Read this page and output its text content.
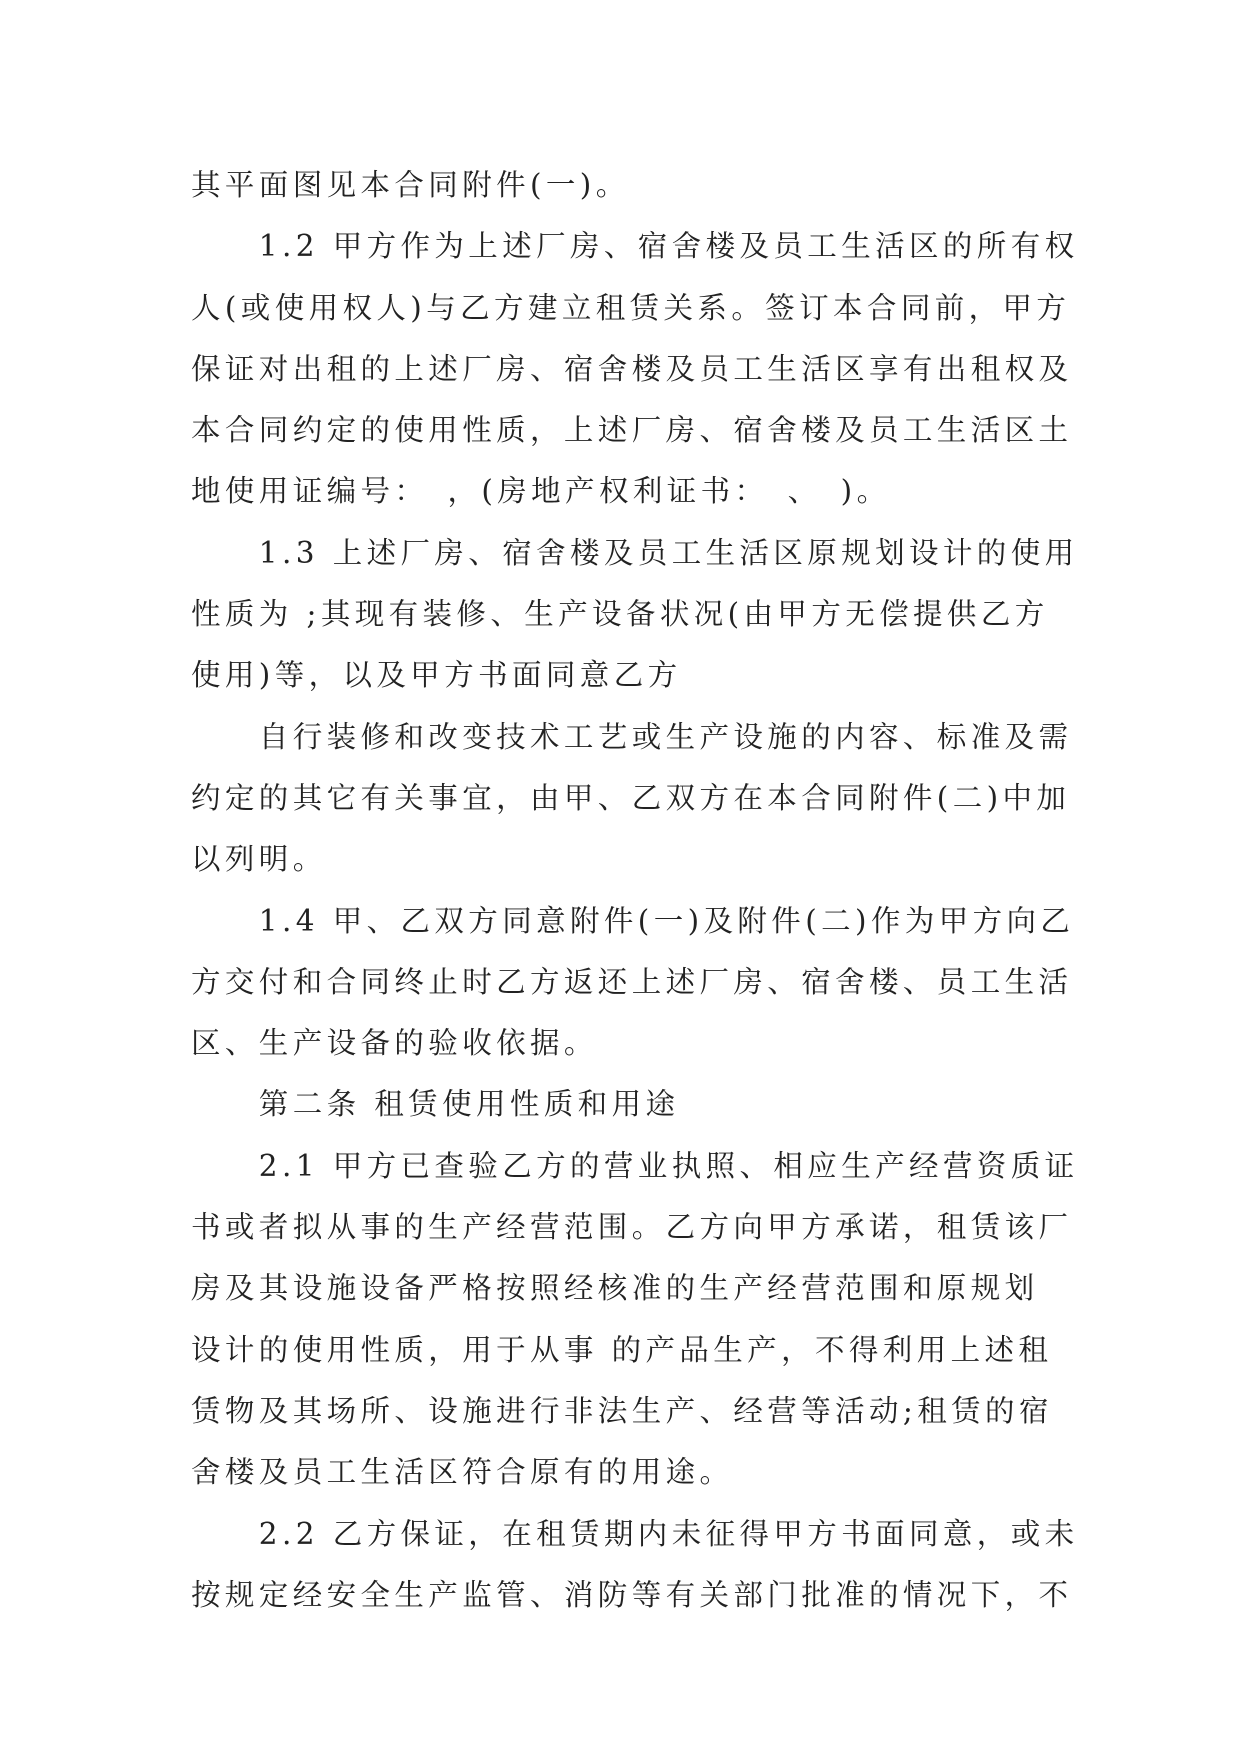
其平面图见本合同附件(一)。
　　1.2 甲方作为上述厂房、宿舍楼及员工生活区的所有权
人(或使用权人)与乙方建立租赁关系。签订本合同前，甲方
保证对出租的上述厂房、宿舍楼及员工生活区享有出租权及
本合同约定的使用性质，上述厂房、宿舍楼及员工生活区土
地使用证编号：　，(房地产权利证书：　、　)。
　　1.3 上述厂房、宿舍楼及员工生活区原规划设计的使用
性质为 ;其现有装修、生产设备状况(由甲方无偿提供乙方
使用)等，以及甲方书面同意乙方
　　自行装修和改变技术工艺或生产设施的内容、标准及需
约定的其它有关事宜，由甲、乙双方在本合同附件(二)中加
以列明。
　　1.4 甲、乙双方同意附件(一)及附件(二)作为甲方向乙
方交付和合同终止时乙方返还上述厂房、宿舍楼、员工生活
区、生产设备的验收依据。
　　第二条 租赁使用性质和用途
　　2.1 甲方已查验乙方的营业执照、相应生产经营资质证
书或者拟从事的生产经营范围。乙方向甲方承诺，租赁该厂
房及其设施设备严格按照经核准的生产经营范围和原规划
设计的使用性质，用于从事 的产品生产，不得利用上述租
赁物及其场所、设施进行非法生产、经营等活动;租赁的宿
舍楼及员工生活区符合原有的用途。
　　2.2 乙方保证，在租赁期内未征得甲方书面同意，或未
按规定经安全生产监管、消防等有关部门批准的情况下，不
